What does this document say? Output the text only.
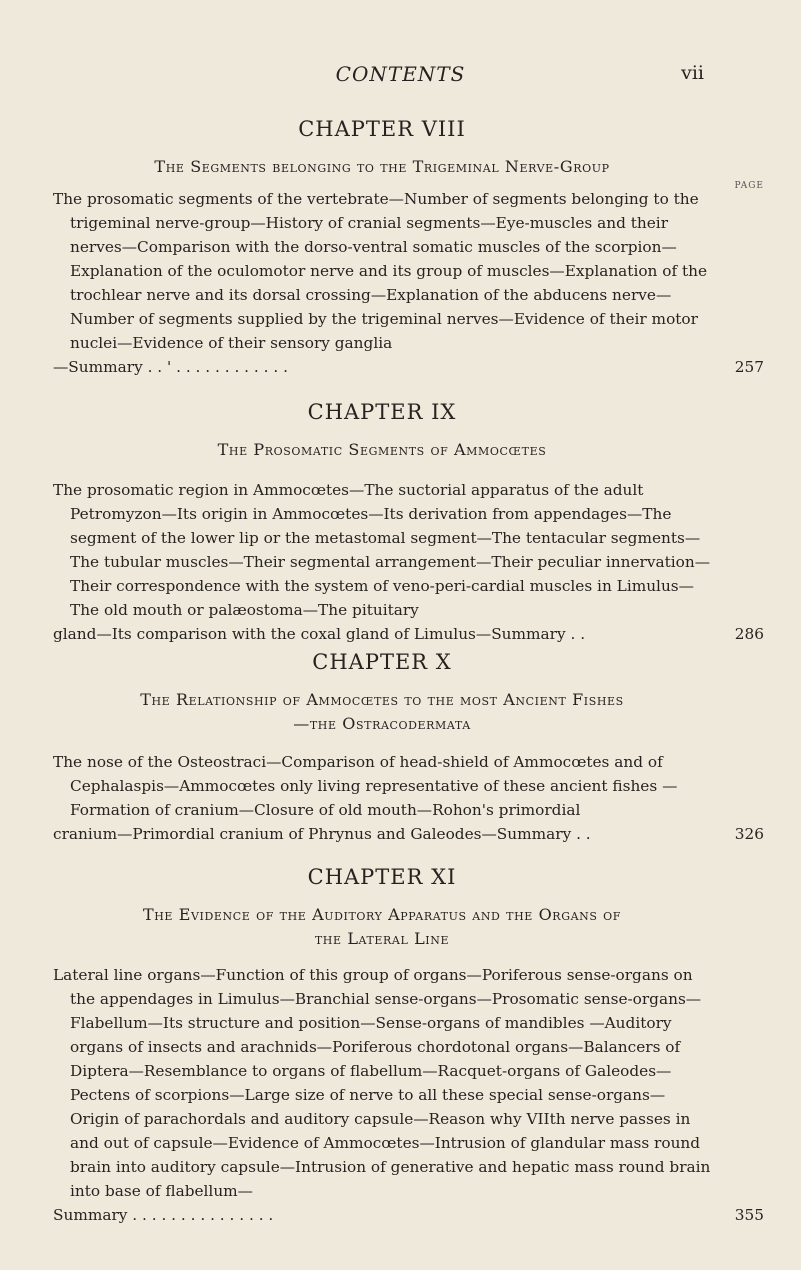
CONTENTS	vii
CHAPTER VIII
The Segments belonging to the Trigeminal Nerve-Group
PAGE

The prosomatic segments of the vertebrate—Number of segments belonging to the trigeminal nerve-group—History of cranial segments—Eye-muscles and their nerves—Comparison with the dorso-ventral somatic muscles of the scorpion—Explanation of the oculomotor nerve and its group of muscles—Explanation of the trochlear nerve and its dorsal crossing—Explanation of the abducens nerve—Number of segments supplied by the trigeminal nerves—Evidence of their motor nuclei—Evidence of their sensory ganglia

—Summary . . ' . . . . . . . . . . . .	257
CHAPTER IX
The Prosomatic Segments of Ammocœtes

The prosomatic region in Ammocœtes—The suctorial apparatus of the adult Petromyzon—Its origin in Ammocœtes—Its derivation from appendages—The segment of the lower lip or the metastomal segment—The tentacular segments—The tubular muscles—Their segmental arrangement—Their peculiar innervation—Their correspondence with the system of veno-peri-cardial muscles in Limulus—The old mouth or palæostoma—The pituitary

gland—Its comparison with the coxal gland of Limulus—Summary . .	286
CHAPTER X
The Relationship of Ammocœtes to the most Ancient Fishes
—the Ostracodermata

The nose of the Osteostraci—Comparison of head-shield of Ammocœtes and of Cephalaspis—Ammocœtes only living representative of these ancient fishes —Formation of cranium—Closure of old mouth—Rohon's primordial

cranium—Primordial cranium of Phrynus and Galeodes—Summary . .	326
CHAPTER XI
The Evidence of the Auditory Apparatus and the Organs of
the Lateral Line

Lateral line organs—Function of this group of organs—Poriferous sense-organs on the appendages in Limulus—Branchial sense-organs—Prosomatic sense-organs—Flabellum—Its structure and position—Sense-organs of mandibles —Auditory organs of insects and arachnids—Poriferous chordotonal organs—Balancers of Diptera—Resemblance to organs of flabellum—Racquet-organs of Galeodes—Pectens of scorpions—Large size of nerve to all these special sense-organs—Origin of parachordals and auditory capsule—Reason why VIIth nerve passes in and out of capsule—Evidence of Ammocœtes—Intrusion of glandular mass round brain into auditory capsule—Intrusion of generative and hepatic mass round brain into base of flabellum—

Summary . . . . . . . . . . . . . . .	355
